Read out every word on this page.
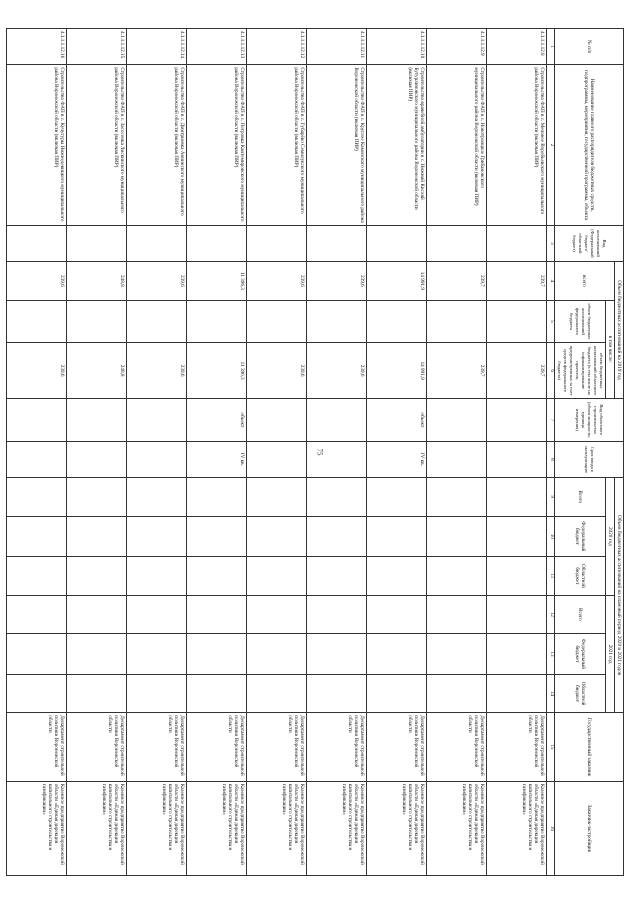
75
№ п/п	Наименование главного распорядителя бюджетных средств, подпрограммы, мероприятия, государственной программы, объекта	Вид ассигнований (Федеральный бюджет/областной бюджет)	Объем бюджетных ассигнований на 2019 год			Вид объектного строительства (объем мощности, единица измерения)	Срок ввода в эксплуатацию	Объем бюджетных ассигнований на плановый период 2020 и 2021 годов						Государственный заказчик	Заказчик-застройщик
			всего	в том числе:				2020 год			2021 год				
				объем бюджетных ассигнований федерального бюджета	объем бюджетных ассигнований областного бюджета (в том числе на софинансирование проектов, предусмотренных за счет средств федерального бюджета)			Всего	Федеральный бюджет	Областной бюджет	Всего	Федеральный бюджет	Областной бюджет		

1	2	3	4	5	6	7	8	9	10	11	12	13	14	15	16
4.1.1.1.12.8	Строительство ФАП в с. Мечовое Воробьевского муниципального района Воронежской области (включая ПИР)		239,7		239,7									Департамент строительной политики Воронежской области	Казенное предприятие Воронежской области «Единая дирекция капитального строительства и газификации»
4.1.1.1.12.9	Строительство ФАП в с. Новотроицкое Грибановского муниципального района Воронежской области (включая ПИР)		239,7		239,7									Департамент строительной политики Воронежской области	Казенное предприятие Воронежской области «Единая дирекция капитального строительства и газификации»
4.1.1.1.12.10	Строительство врачебной амбулатории в с. Нижний Кисляй Бутурлиновского муниципального района Воронежской области (включая ПИР)		14 991,9		14 991,9	объект	IV кв.							Департамент строительной политики Воронежской области	Казенное предприятие Воронежской области «Единая дирекция капитального строительства и газификации»
4.1.1.1.12.11	Строительство ФАП в с. Круглое Каменского муниципального района Воронежской области (включая ПИР)		239,6		239,6									Департамент строительной политики Воронежской области	Казенное предприятие Воронежской области «Единая дирекция капитального строительства и газификации»
4.1.1.1.12.12	Строительство ФАП в с. Губарёво Семилукского муниципального района Воронежской области (включая ПИР)		239,6		239,6									Департамент строительной политики Воронежской области	Казенное предприятие Воронежской области «Единая дирекция капитального строительства и газификации»
4.1.1.1.12.13	Строительство ФАП в с. Петровка Кантемировского муниципального района Воронежской области (включая ПИР)		11 396,3		11 396,3	объект	IV кв.							Департамент строительной политики Воронежской области	Казенное предприятие Воронежской области «Единая дирекция капитального строительства и газификации»
4.1.1.1.12.14	Строительство ФАП в с. Дмитриевка Аннинского муниципального района Воронежской области (включая ПИР)		239,6		239,6									Департамент строительной политики Воронежской области	Казенное предприятие Воронежской области «Единая дирекция капитального строительства и газификации»
4.1.1.1.12.15	Строительство ФАП в с. Засосенка Лискинского муниципального района Воронежской области (включая ПИР)		248,8		248,8									Департамент строительной политики Воронежской области	Казенное предприятие Воронежской области «Единая дирекция капитального строительства и газификации»
4.1.1.1.12.16	Строительство ФАП в с. Кучугуры Нижнедевицкого муниципального района Воронежской области (включая ПИР)		239,6		239,6									Департамент строительной политики Воронежской области	Казенное предприятие Воронежской области «Единая дирекция капитального строительства и газификации»
